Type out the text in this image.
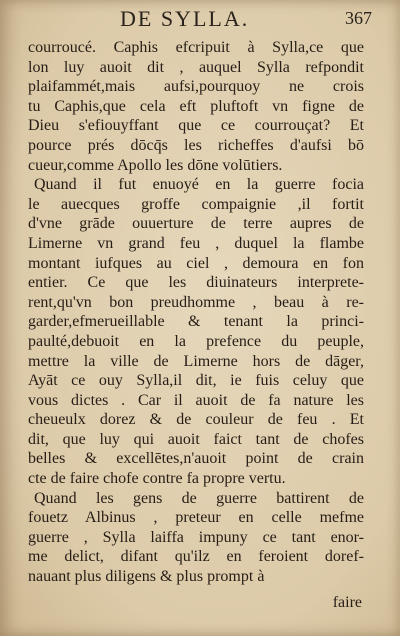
DE SYLLA.	367
courroucé. Caphis efcripuit à Sylla,ce que
lon luy auoit dit , auquel Sylla refpondit
plaifammét,mais aufsi,pourquoy ne crois
tu Caphis,que cela eft pluftoft vn figne de
Dieu s'efiouyffant que ce courrouçat? Et
pource prés dōcq̄s les richeffes d'aufsi bō
cueur,comme Apollo les dōne volūtiers.
Quand il fut enuoyé en la guerre focia
le auecques groffe compaignie ,il fortit
d'vne grāde ouuerture de terre aupres de
Limerne vn grand feu , duquel la flambe
montant iufques au ciel , demoura en fon
entier. Ce que les diuinateurs interprete-
rent,qu'vn bon preudhomme , beau à re-
garder,efmerueillable & tenant la princi-
paulté,debuoit en la prefence du peuple,
mettre la ville de Limerne hors de dāger,
Ayāt ce ouy Sylla,il dit, ie fuis celuy que
vous dictes . Car il auoit de fa nature les
cheueulx dorez & de couleur de feu . Et
dit, que luy qui auoit faict tant de chofes
belles & excellētes,n'auoit point de crain
cte de faire chofe contre fa propre vertu.
Quand les gens de guerre battirent de
fouetz Albinus , preteur en celle mefme
guerre , Sylla laiffa impuny ce tant enor-
me delict, difant qu'ilz en feroient doref-
nauant plus diligens & plus prompt à
faire
